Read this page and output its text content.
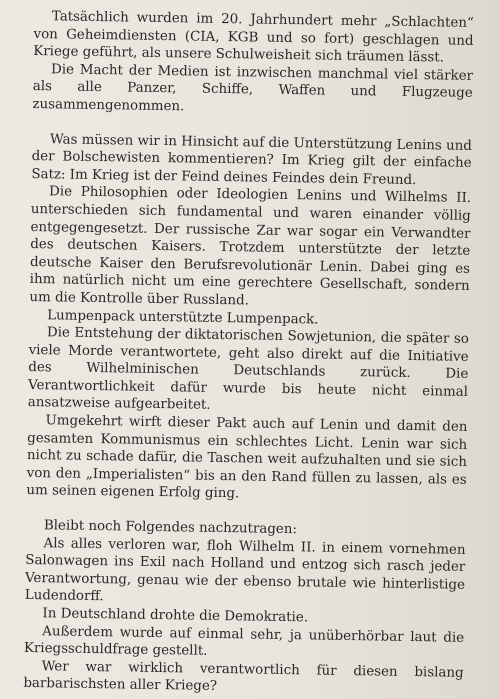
Tatsächlich wurden im 20. Jahrhundert mehr „Schlachten“ von Geheimdiensten (CIA, KGB und so fort) geschlagen und Kriege geführt, als unsere Schulweisheit sich träumen lässt.

Die Macht der Medien ist inzwischen manchmal viel stärker als alle Panzer, Schiffe, Waffen und Flugzeuge zusammengenommen.

Was müssen wir in Hinsicht auf die Unterstützung Lenins und der Bolschewisten kommentieren? Im Krieg gilt der einfache Satz: Im Krieg ist der Feind deines Feindes dein Freund.

Die Philosophien oder Ideologien Lenins und Wilhelms II. unterschieden sich fundamental und waren einander völlig entgegengesetzt. Der russische Zar war sogar ein Verwandter des deutschen Kaisers. Trotzdem unterstützte der letzte deutsche Kaiser den Berufsrevolutionär Lenin. Dabei ging es ihm natürlich nicht um eine gerechtere Gesellschaft, sondern um die Kontrolle über Russland.

Lumpenpack unterstützte Lumpenpack.

Die Entstehung der diktatorischen Sowjetunion, die später so viele Morde verantwortete, geht also direkt auf die Initiative des Wilhelminischen Deutschlands zurück. Die Verantwortlichkeit dafür wurde bis heute nicht einmal ansatzweise aufgearbeitet.

Umgekehrt wirft dieser Pakt auch auf Lenin und damit den gesamten Kommunismus ein schlechtes Licht. Lenin war sich nicht zu schade dafür, die Taschen weit aufzuhalten und sie sich von den „Imperialisten“ bis an den Rand füllen zu lassen, als es um seinen eigenen Erfolg ging.

Bleibt noch Folgendes nachzutragen:

Als alles verloren war, floh Wilhelm II. in einem vornehmen Salonwagen ins Exil nach Holland und entzog sich rasch jeder Verantwortung, genau wie der ebenso brutale wie hinterlistige Ludendorff.

In Deutschland drohte die Demokratie.

Außerdem wurde auf einmal sehr, ja unüberhörbar laut die Kriegsschuldfrage gestellt.

Wer war wirklich verantwortlich für diesen bislang barbarischsten aller Kriege?
